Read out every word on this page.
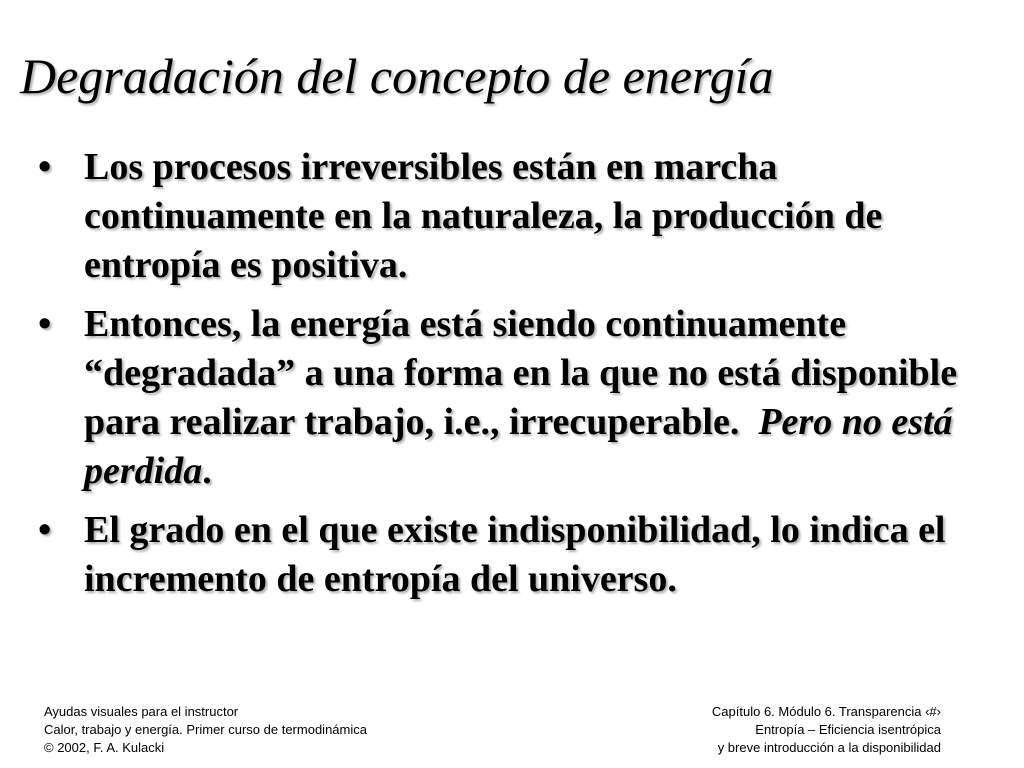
Degradación del concepto de energía
• Los procesos irreversibles están en marcha continuamente en la naturaleza, la producción de entropía es positiva.
• Entonces, la energía está siendo continuamente “degradada” a una forma en la que no está disponible para realizar trabajo, i.e., irrecuperable. Pero no está perdida.
• El grado en el que existe indisponibilidad, lo indica el incremento de entropía del universo.
Ayudas visuales para el instructor
Calor, trabajo y energía. Primer curso de termodinámica
© 2002, F. A. Kulacki
Capítulo 6. Módulo 6. Transparencia ‹#›
Entropía – Eficiencia isentrópica
y breve introducción a la disponibilidad
